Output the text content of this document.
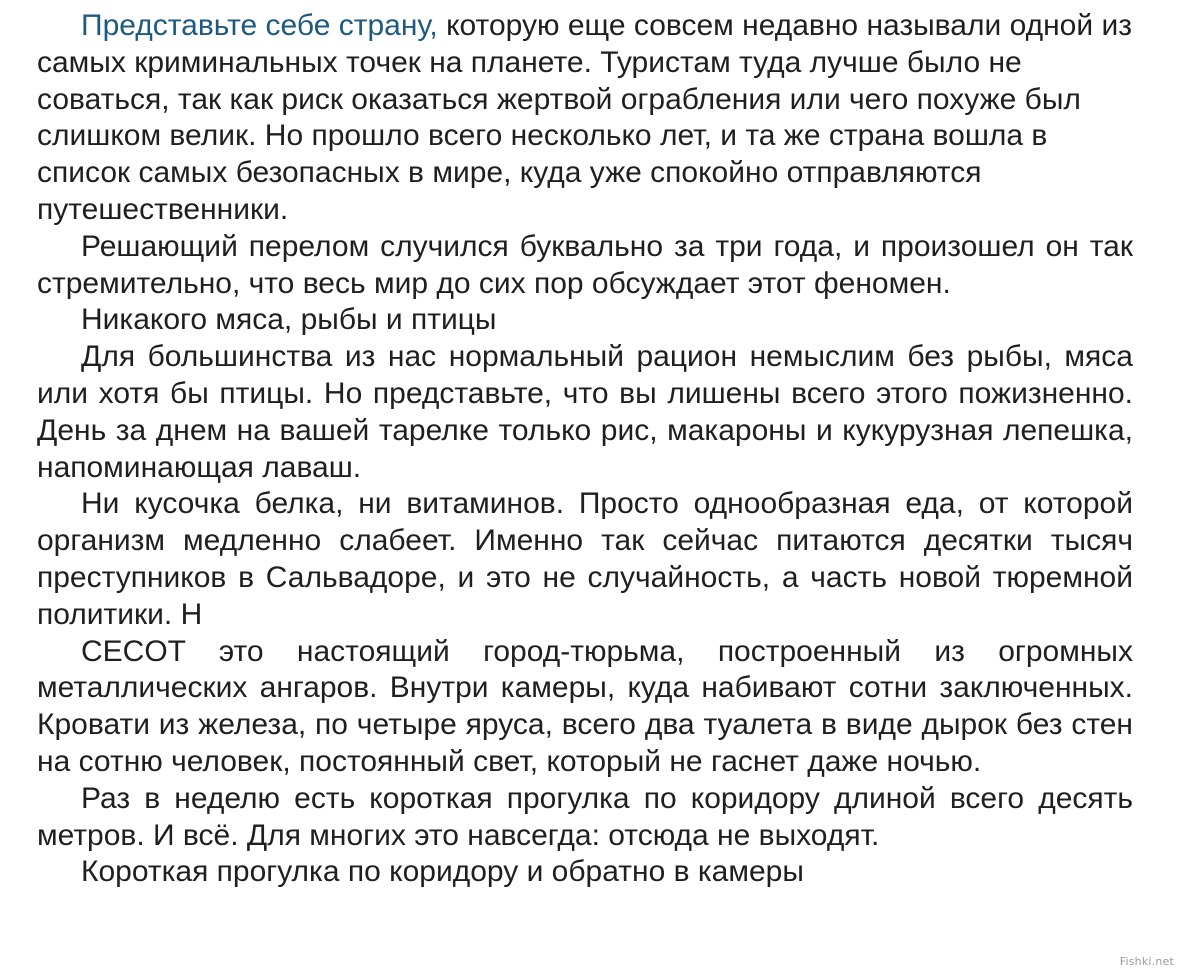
Представьте себе страну, которую еще совсем недавно называли одной из самых криминальных точек на планете. Туристам туда лучше было не соваться, так как риск оказаться жертвой ограбления или чего похуже был слишком велик. Но прошло всего несколько лет, и та же страна вошла в список самых безопасных в мире, куда уже спокойно отправляются

путешественники.

Решающий перелом случился буквально за три года, и произошел он так стремительно, что весь мир до сих пор обсуждает этот феномен.

Никакого мяса, рыбы и птицы

Для большинства из нас нормальный рацион немыслим без рыбы, мяса или хотя бы птицы. Но представьте, что вы лишены всего этого пожизненно. День за днем на вашей тарелке только рис, макароны и кукурузная лепешка, напоминающая лаваш.

Ни кусочка белка, ни витаминов. Просто однообразная еда, от которой организм медленно слабеет. Именно так сейчас питаются десятки тысяч преступников в Сальвадоре, и это не случайность, а часть новой тюремной политики. Н

CECOT это настоящий город-тюрьма, построенный из огромных металлических ангаров. Внутри камеры, куда набивают сотни заключенных. Кровати из железа, по четыре яруса, всего два туалета в виде дырок без стен на сотню человек, постоянный свет, который не гаснет даже ночью.

Раз в неделю есть короткая прогулка по коридору длиной всего десять метров. И всё. Для многих это навсегда: отсюда не выходят.

Короткая прогулка по коридору и обратно в камеры

Fishki.net
